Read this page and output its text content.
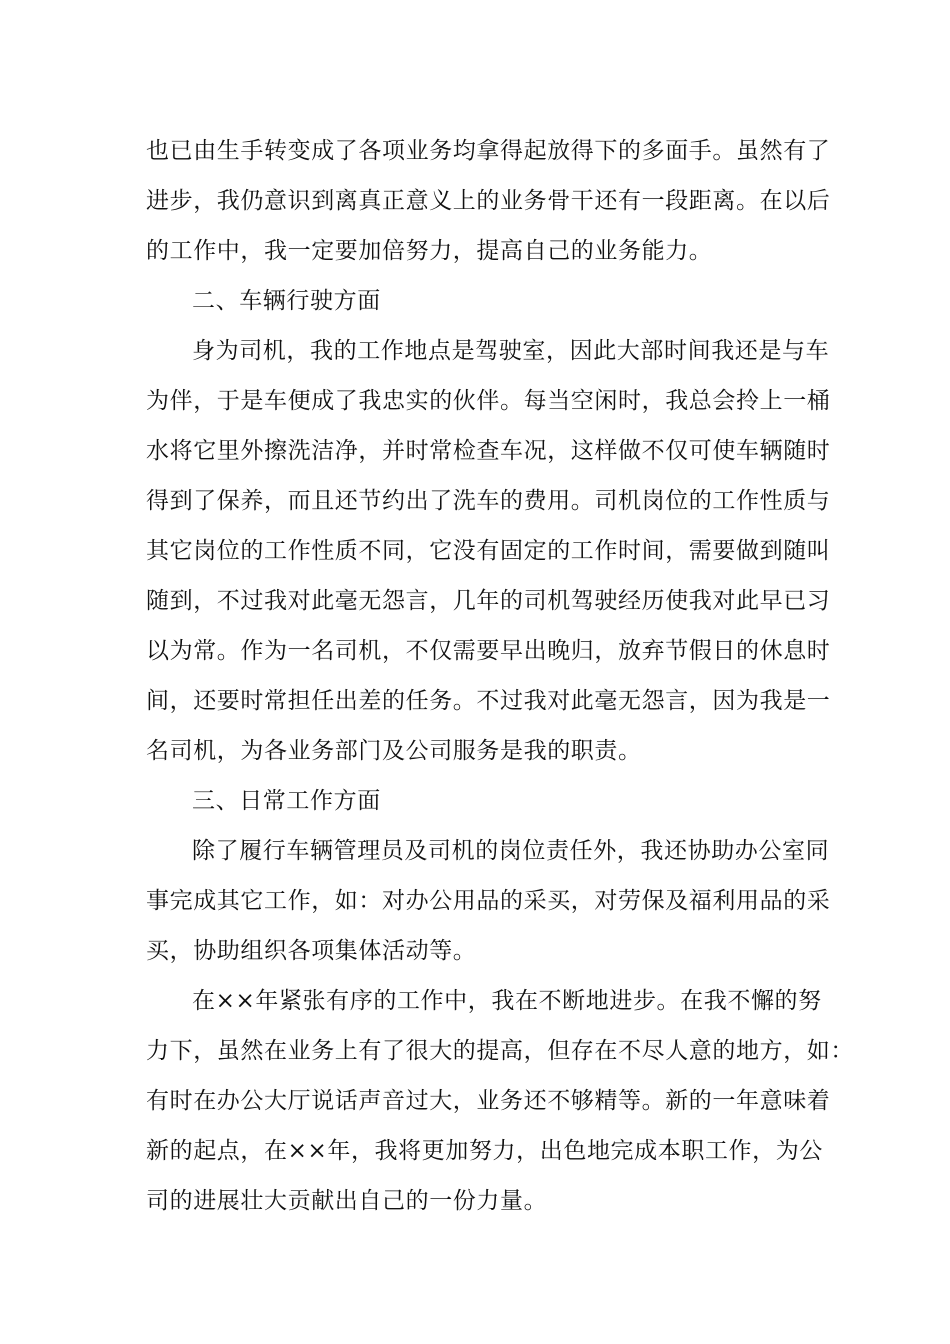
也已由生手转变成了各项业务均拿得起放得下的多面手。虽然有了
进步，我仍意识到离真正意义上的业务骨干还有一段距离。在以后
的工作中，我一定要加倍努力，提高自己的业务能力。
二、车辆行驶方面
身为司机，我的工作地点是驾驶室，因此大部时间我还是与车
为伴，于是车便成了我忠实的伙伴。每当空闲时，我总会拎上一桶
水将它里外擦洗洁净，并时常检查车况，这样做不仅可使车辆随时
得到了保养，而且还节约出了洗车的费用。司机岗位的工作性质与
其它岗位的工作性质不同，它没有固定的工作时间，需要做到随叫
随到，不过我对此毫无怨言，几年的司机驾驶经历使我对此早已习
以为常。作为一名司机，不仅需要早出晚归，放弃节假日的休息时
间，还要时常担任出差的任务。不过我对此毫无怨言，因为我是一
名司机，为各业务部门及公司服务是我的职责。
三、日常工作方面
除了履行车辆管理员及司机的岗位责任外，我还协助办公室同
事完成其它工作，如：对办公用品的采买，对劳保及福利用品的采
买，协助组织各项集体活动等。
在××年紧张有序的工作中，我在不断地进步。在我不懈的努
力下，虽然在业务上有了很大的提高，但存在不尽人意的地方，如：
有时在办公大厅说话声音过大，业务还不够精等。新的一年意味着
新的起点，在××年，我将更加努力，出色地完成本职工作，为公
司的进展壮大贡献出自己的一份力量。
